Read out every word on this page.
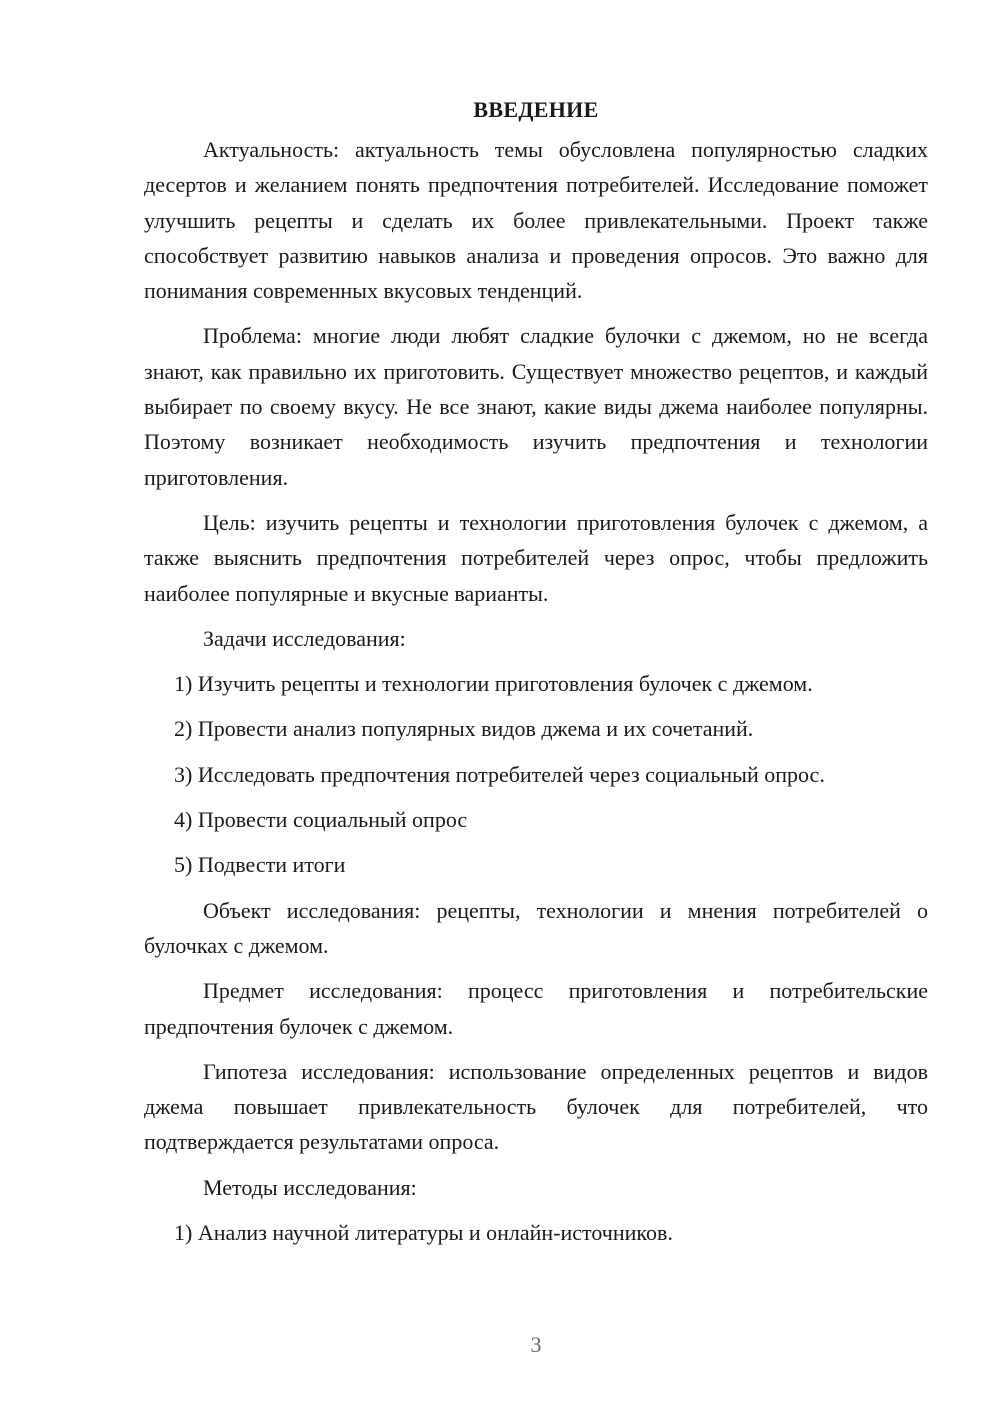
ВВЕДЕНИЕ

Актуальность: актуальность темы обусловлена популярностью сладких десертов и желанием понять предпочтения потребителей. Исследование поможет улучшить рецепты и сделать их более привлекательными. Проект также способствует развитию навыков анализа и проведения опросов. Это важно для понимания современных вкусовых тенденций.

Проблема: многие люди любят сладкие булочки с джемом, но не всегда знают, как правильно их приготовить. Существует множество рецептов, и каждый выбирает по своему вкусу. Не все знают, какие виды джема наиболее популярны. Поэтому возникает необходимость изучить предпочтения и технологии приготовления.

Цель: изучить рецепты и технологии приготовления булочек с джемом, а также выяснить предпочтения потребителей через опрос, чтобы предложить наиболее популярные и вкусные варианты.

Задачи исследования:

1) Изучить рецепты и технологии приготовления булочек с джемом.

2) Провести анализ популярных видов джема и их сочетаний.

3) Исследовать предпочтения потребителей через социальный опрос.

4) Провести социальный опрос

5) Подвести итоги

Объект исследования: рецепты, технологии и мнения потребителей о булочках с джемом.

Предмет исследования: процесс приготовления и потребительские предпочтения булочек с джемом.

Гипотеза исследования: использование определенных рецептов и видов джема повышает привлекательность булочек для потребителей, что подтверждается результатами опроса.

Методы исследования:

1) Анализ научной литературы и онлайн-источников.

3
